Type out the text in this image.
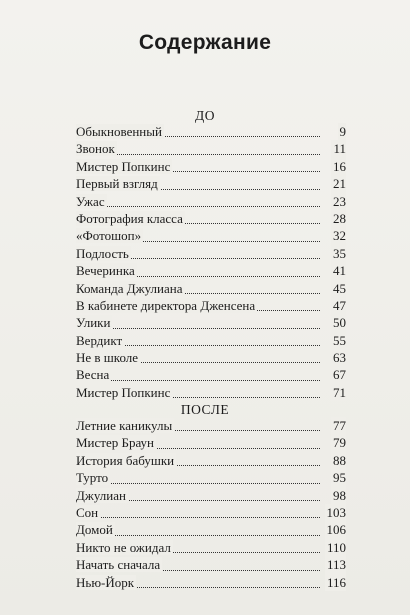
Содержание
ДО
Обыкновенный	9
Звонок	11
Мистер Попкинс	16
Первый взгляд	21
Ужас	23
Фотография класса	28
«Фотошоп»	32
Подлость	35
Вечеринка	41
Команда Джулиана	45
В кабинете директора Дженсена	47
Улики	50
Вердикт	55
Не в школе	63
Весна	67
Мистер Попкинс	71
ПОСЛЕ
Летние каникулы	77
Мистер Браун	79
История бабушки	88
Турто	95
Джулиан	98
Сон	103
Домой	106
Никто не ожидал	110
Начать сначала	113
Нью-Йорк	116
